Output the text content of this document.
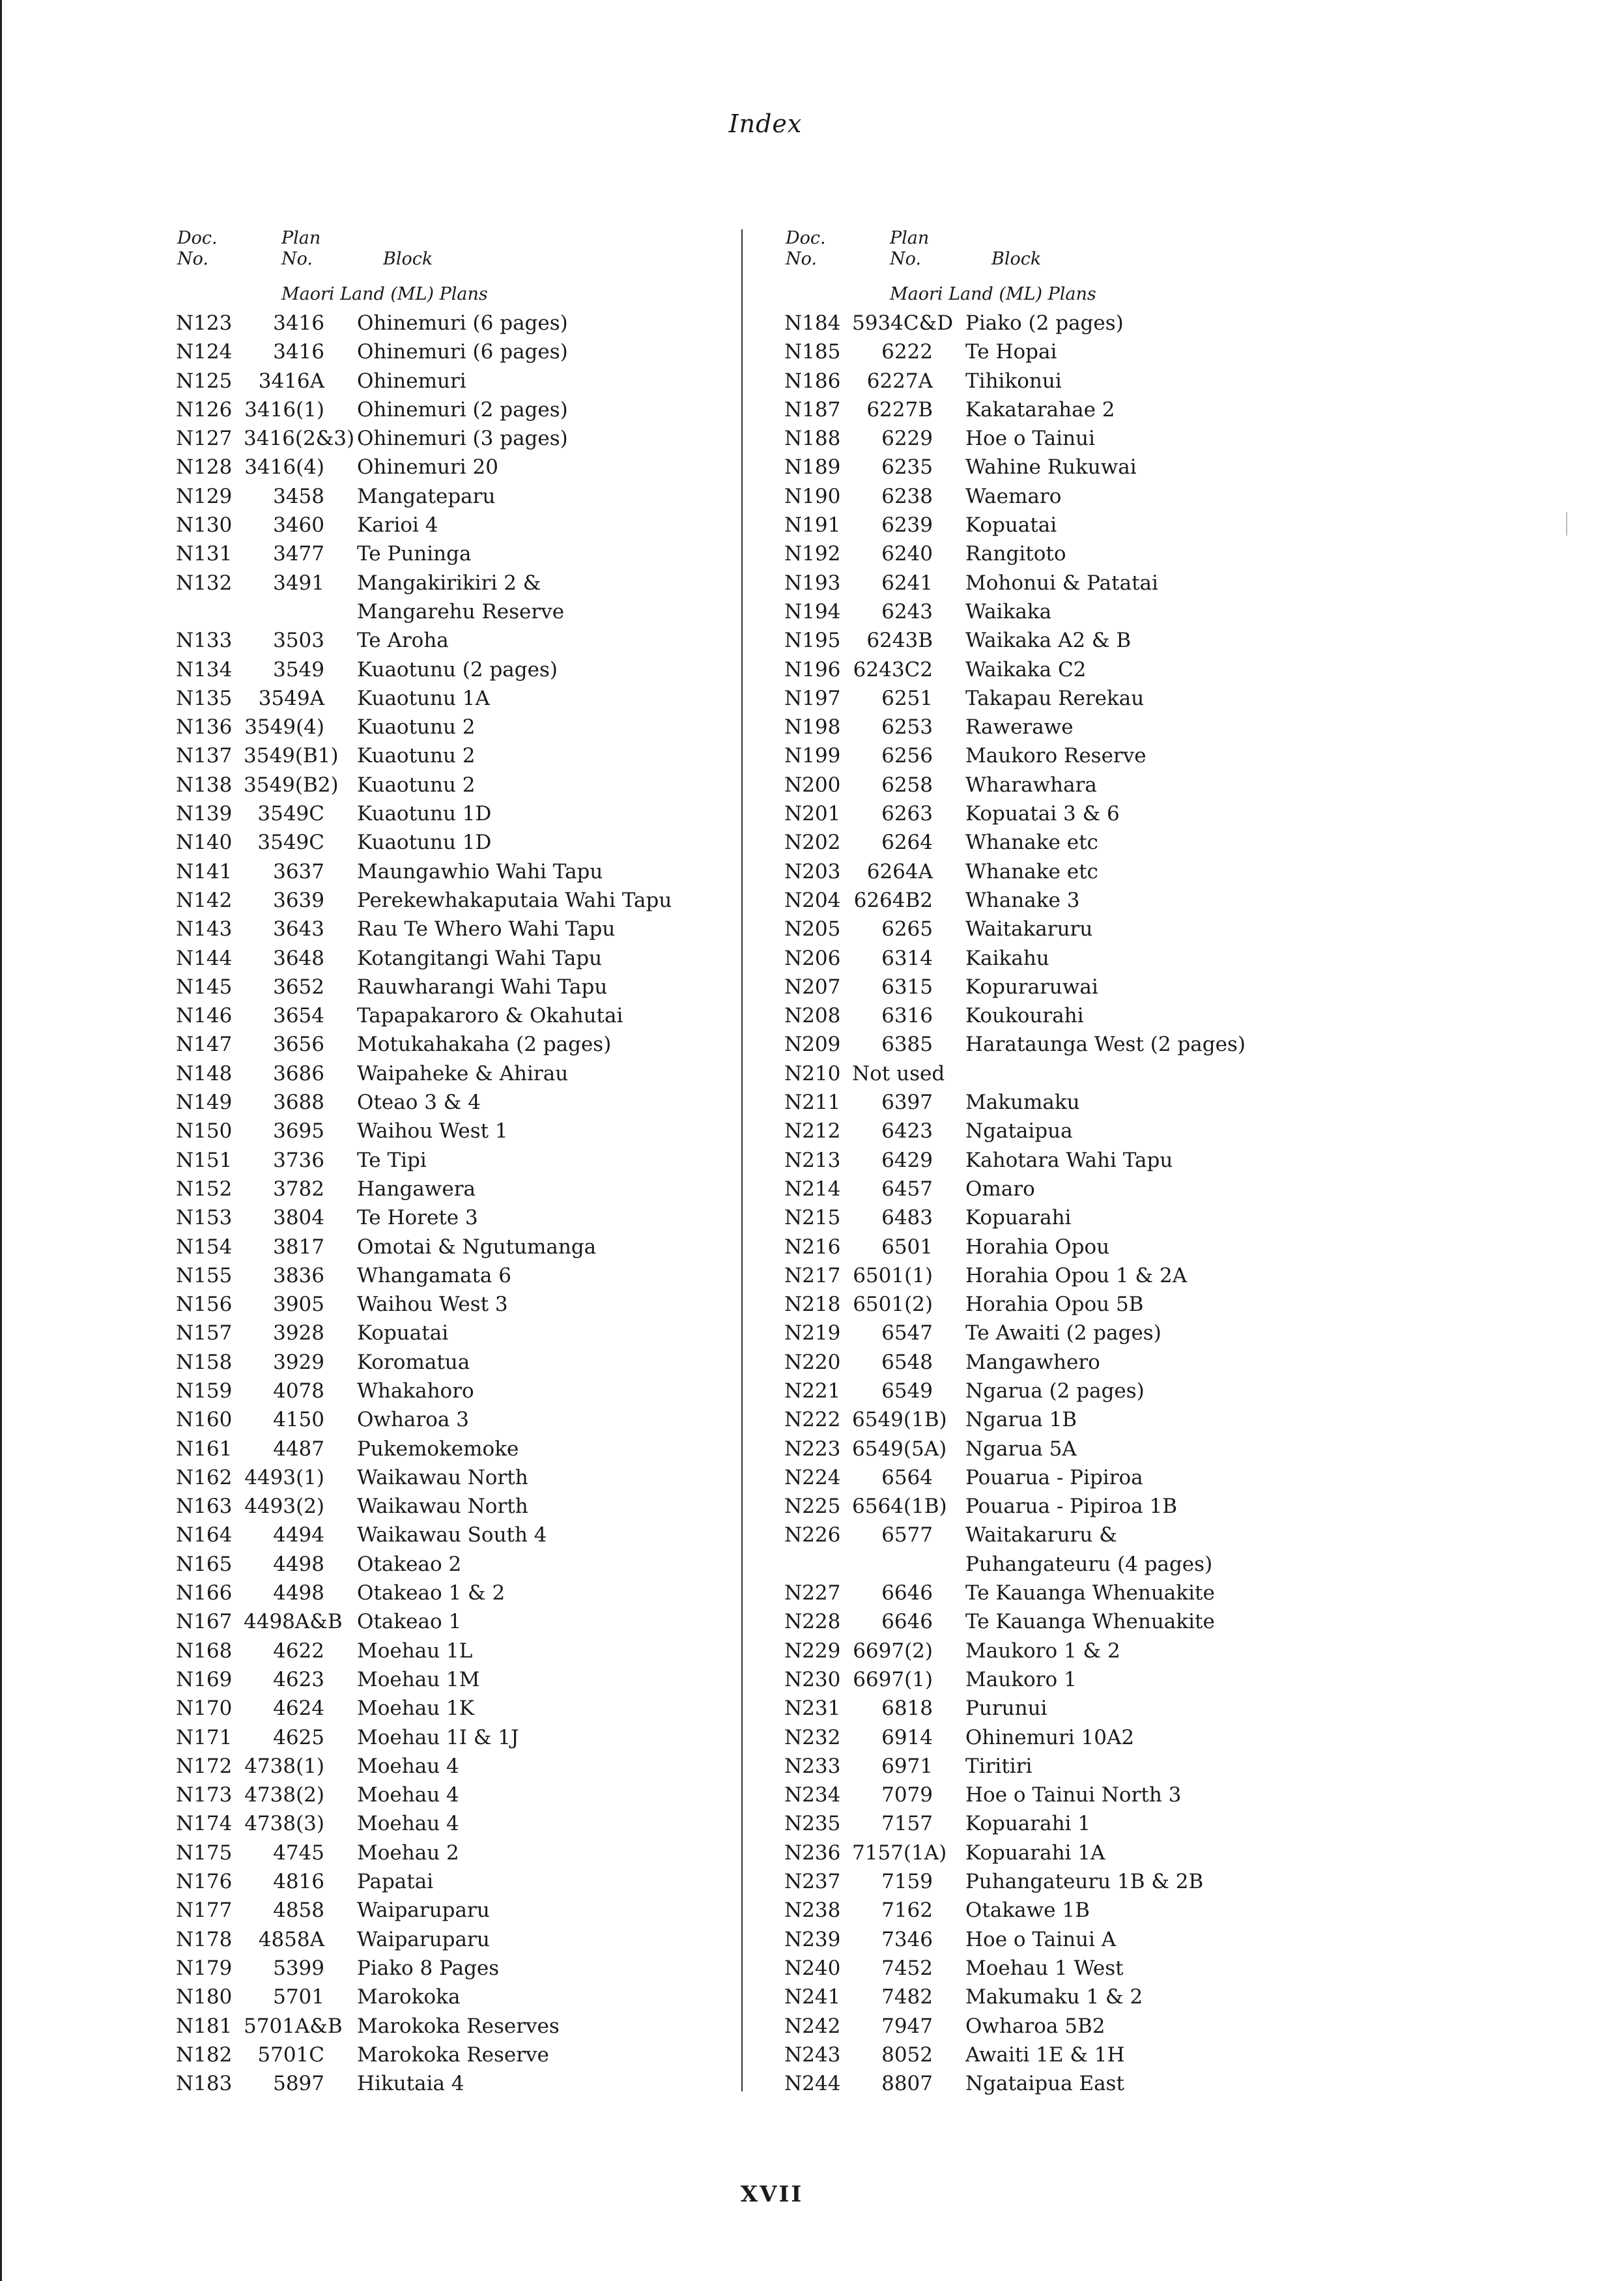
Index
Doc.
No.
Plan
No.	Block
Maori Land (ML) Plans
N123	3416	Ohinemuri (6 pages)
N124	3416	Ohinemuri (6 pages)
N125	3416A	Ohinemuri
N126 3416(1)	Ohinemuri (2 pages)
N127 3416(2&3) Ohinemuri (3 pages)
N128 3416(4)	Ohinemuri 20
N129	3458	Mangateparu
N130	3460	Karioi 4
N131	3477	Te Puninga
N132	3491	Mangakirikiri 2 &
Mangarehu Reserve
N133	3503	Te Aroha
N134	3549	Kuaotunu (2 pages)
N135	3549A	Kuaotunu 1A
N136 3549(4)	Kuaotunu 2
N137 3549(B1) Kuaotunu 2
N138 3549(B2) Kuaotunu 2
N139	3549C	Kuaotunu 1D
N140	3549C	Kuaotunu 1D
N141	3637	Maungawhio Wahi Tapu
N142	3639	Perekewhakaputaia Wahi Tapu
N143	3643	Rau Te Whero Wahi Tapu
N144	3648	Kotangitangi Wahi Tapu
N145	3652	Rauwharangi Wahi Tapu
N146	3654	Tapapakaroro & Okahutai
N147	3656	Motukahakaha (2 pages)
N148	3686	Waipaheke & Ahirau
N149	3688	Oteao 3 & 4
N150	3695	Waihou West 1
N151	3736	Te Tipi
N152	3782	Hangawera
N153	3804	Te Horete 3
N154	3817	Omotai & Ngutumanga
N155	3836	Whangamata 6
N156	3905	Waihou West 3
N157	3928	Kopuatai
N158	3929	Koromatua
N159	4078	Whakahoro
N160	4150	Owharoa 3
N161	4487	Pukemokemoke
N162 4493(1)	Waikawau North
N163 4493(2)	Waikawau North
N164	4494	Waikawau South 4
N165	4498	Otakeao 2
N166	4498	Otakeao 1 & 2
N167 4498A&B Otakeao 1
N168	4622	Moehau 1L
N169	4623	Moehau 1M
N170	4624	Moehau 1K
N171	4625	Moehau 1I & 1J
N172 4738(1)	Moehau 4
N173 4738(2)	Moehau 4
N174 4738(3)	Moehau 4
N175	4745	Moehau 2
N176	4816	Papatai
N177	4858	Waiparuparu
N178	4858A	Waiparuparu
N179	5399	Piako 8 Pages
N180	5701	Marokoka
N181 5701A&B Marokoka Reserves
N182	5701C	Marokoka Reserve
N183	5897	Hikutaia 4
Doc.
No.
Plan
No.	Block
Maori Land (ML) Plans
N184 5934C&D Piako (2 pages)
N185	6222	Te Hopai
N186	6227A	Tihikonui
N187	6227B	Kakatarahae 2
N188	6229	Hoe o Tainui
N189	6235	Wahine Rukuwai
N190	6238	Waemaro
N191	6239	Kopuatai
N192	6240	Rangitoto
N193	6241	Mohonui & Patatai
N194	6243	Waikaka
N195	6243B	Waikaka A2 & B
N196 6243C2	Waikaka C2
N197	6251	Takapau Rerekau
N198	6253	Rawerawe
N199	6256	Maukoro Reserve
N200	6258	Wharawhara
N201	6263	Kopuatai 3 & 6
N202	6264	Whanake etc
N203	6264A	Whanake etc
N204 6264B2	Whanake 3
N205	6265	Waitakaruru
N206	6314	Kaikahu
N207	6315	Kopuraruwai
N208	6316	Koukourahi
N209	6385	Harataunga West (2 pages)
N210 Not used
N211	6397	Makumaku
N212	6423	Ngataipua
N213	6429	Kahotara Wahi Tapu
N214	6457	Omaro
N215	6483	Kopuarahi
N216	6501	Horahia Opou
N217 6501(1)	Horahia Opou 1 & 2A
N218 6501(2)	Horahia Opou 5B
N219	6547	Te Awaiti (2 pages)
N220	6548	Mangawhero
N221	6549	Ngarua (2 pages)
N222 6549(1B) Ngarua 1B
N223 6549(5A) Ngarua 5A
N224	6564	Pouarua - Pipiroa
N225 6564(1B) Pouarua - Pipiroa 1B
N226	6577	Waitakaruru &
Puhangateuru (4 pages)
N227	6646	Te Kauanga Whenuakite
N228	6646	Te Kauanga Whenuakite
N229 6697(2)	Maukoro 1 & 2
N230 6697(1)	Maukoro 1
N231	6818	Purunui
N232	6914	Ohinemuri 10A2
N233	6971	Tiritiri
N234	7079	Hoe o Tainui North 3
N235	7157	Kopuarahi 1
N236 7157(1A) Kopuarahi 1A
N237	7159	Puhangateuru 1B & 2B
N238	7162	Otakawe 1B
N239	7346	Hoe o Tainui A
N240	7452	Moehau 1 West
N241	7482	Makumaku 1 & 2
N242	7947	Owharoa 5B2
N243	8052	Awaiti 1E & 1H
N244	8807	Ngataipua East
XVII
